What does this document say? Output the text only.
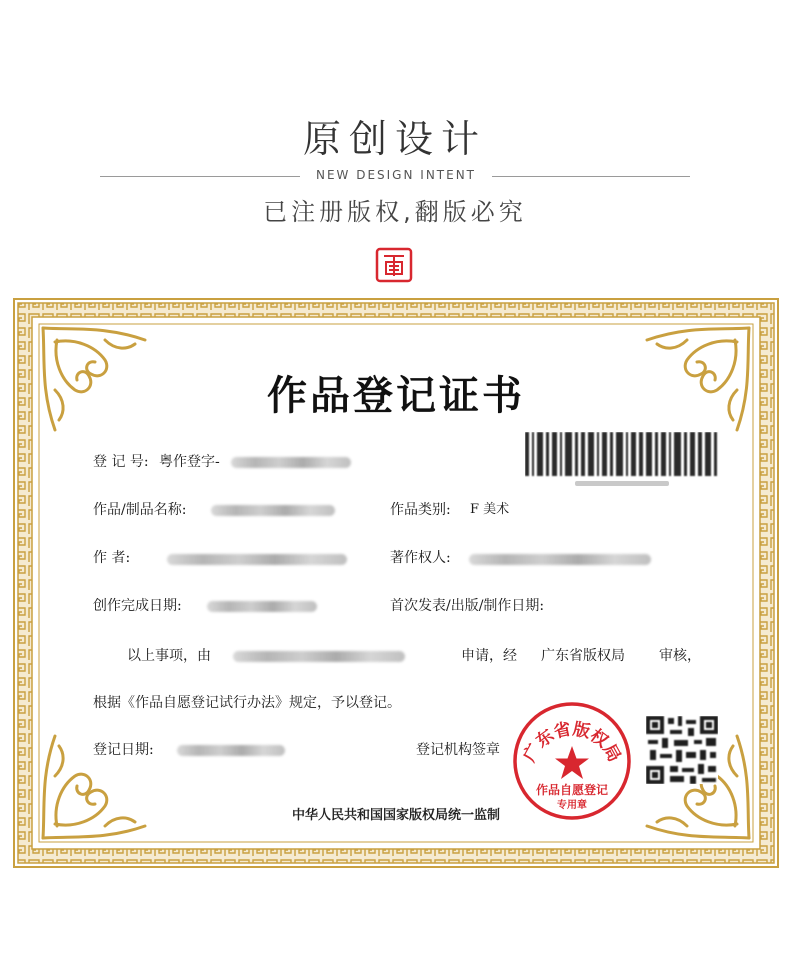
原创设计
NEW DESIGN INTENT
已注册版权,翻版必究
作品登记证书
登 记 号: 粤作登字-
作品/制品名称:	作品类别: F 美术
作 者:	著作权人:
创作完成日期:	首次发表/出版/制作日期:
以上事项，由	申请，经 广东省版权局 审核，
根据《作品自愿登记试行办法》规定，予以登记。
登记日期:	登记机构签章 广东省版权局
作品自愿登记
专用章
中华人民共和国国家版权局统一监制
